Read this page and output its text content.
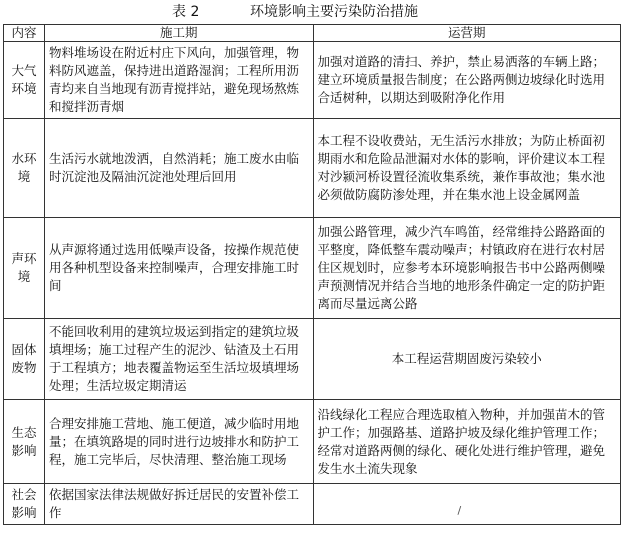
表 2	环境影响主要污染防治措施
内容	施工期	运营期
大气环境	物料堆场设在附近村庄下风向，加强管理，物料防风遮盖，保持进出道路湿润；工程所用沥青均来自当地现有沥青搅拌站，避免现场熬炼和搅拌沥青烟	加强对道路的清扫、养护，禁止易洒落的车辆上路；建立环境质量报告制度；在公路两侧边坡绿化时选用合适树种，以期达到吸附净化作用
水环境	生活污水就地泼洒，自然消耗；施工废水由临时沉淀池及隔油沉淀池处理后回用	本工程不设收费站，无生活污水排放；为防止桥面初期雨水和危险品泄漏对水体的影响，评价建议本工程对沙颍河桥设置径流收集系统，兼作事故池；集水池必须做防腐防渗处理，并在集水池上设金属网盖
声环境	从声源将通过选用低噪声设备，按操作规范使用各种机型设备来控制噪声，合理安排施工时间	加强公路管理，减少汽车鸣笛，经常维持公路路面的平整度，降低整车震动噪声；村镇政府在进行农村居住区规划时，应参考本环境影响报告书中公路两侧噪声预测情况并结合当地的地形条件确定一定的防护距离而尽量远离公路
固体废物	不能回收利用的建筑垃圾运到指定的建筑垃圾填埋场；施工过程产生的泥沙、钻渣及土石用于工程填方；地表覆盖物运至生活垃圾填埋场处理；生活垃圾定期清运	本工程运营期固废污染较小
生态影响	合理安排施工营地、施工便道，减少临时用地量；在填筑路堤的同时进行边坡排水和防护工程，施工完毕后，尽快清理、整治施工现场	沿线绿化工程应合理选取植入物种，并加强苗木的管护工作；加强路基、道路护坡及绿化维护管理工作；经常对道路两侧的绿化、硬化处进行维护管理，避免发生水土流失现象
社会影响	依据国家法律法规做好拆迁居民的安置补偿工作	/
